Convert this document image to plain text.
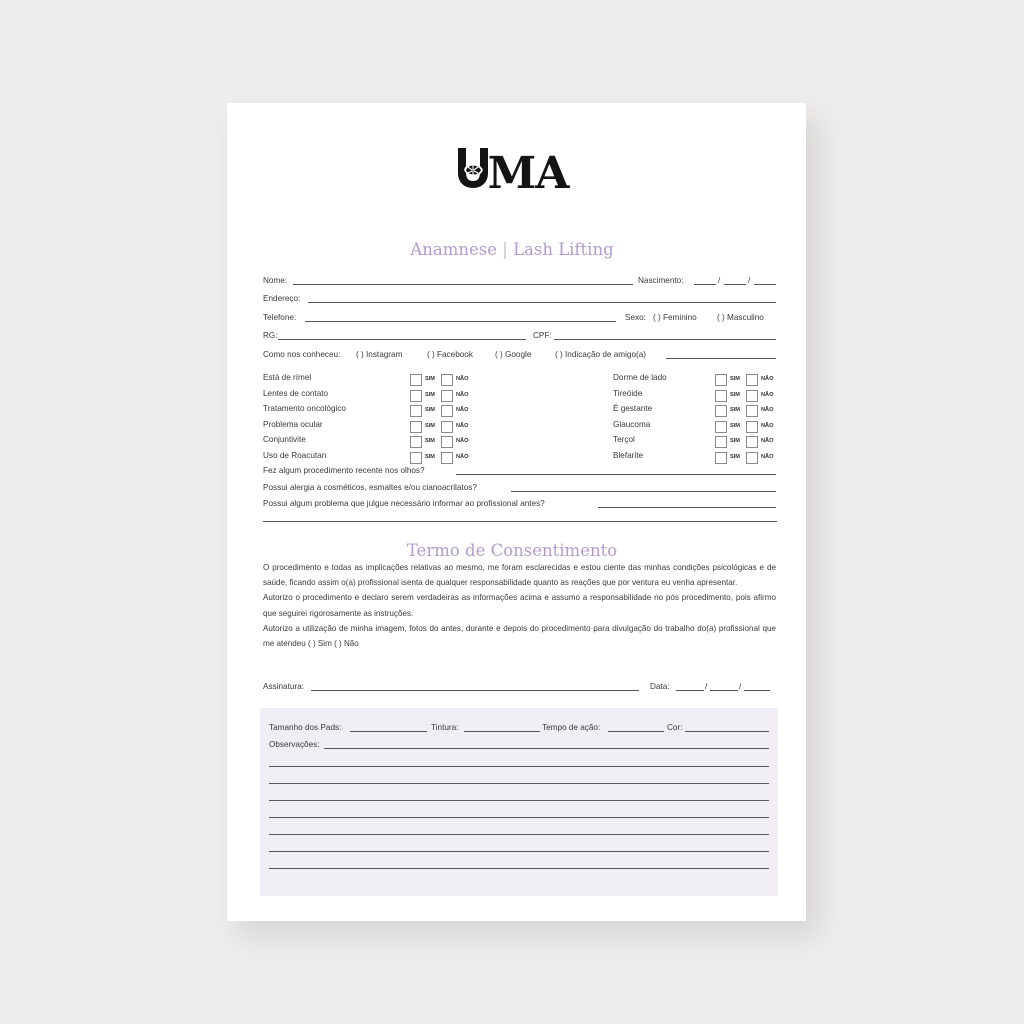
MA
Anamnese | Lash Lifting
Nome:	Nascimento:	/	/
Endereço:
Telefone:	Sexo: ( ) Feminino ( ) Masculino
RG:	CPF:
Como nos conheceu: ( ) Instagram	( ) Facebook	( ) Google	( ) Indicação de amigo(a)
Está de rímel	SIM	NÃO
Lentes de contato	SIM	NÃO
Tratamento oncológico	SIM	NÃO
Problema ocular	SIM	NÃO
Conjuntivite	SIM	NÃO
Uso de Roacutan	SIM	NÃO
Dorme de lado	SIM	NÃO
Tireóide	SIM	NÃO
É gestante	SIM	NÃO
Glaucoma	SIM	NÃO
Terçol	SIM	NÃO
Blefarite	SIM	NÃO
Fez algum procedimento recente nos olhos?
Possui alergia a cosméticos, esmaltes e/ou cianoacrilatos?
Possui algum problema que julgue necessário informar ao profissional antes?
Termo de Consentimento

O procedimento e todas as implicações relativas ao mesmo, me foram esclarecidas e estou ciente das minhas condições psicológicas e de saúde, ficando assim o(a) profissional isenta de qualquer responsabilidade quanto as reações que por ventura eu venha apresentar.

Autorizo o procedimento e declaro serem verdadeiras as informações acima e assumo a responsabilidade no pós procedimento, pois afirmo que seguirei rigorosamente as instruções.

Autorizo a utilização de minha imagem, fotos do antes, durante e depois do procedimento para divulgação do trabalho do(a) profissional que me atendeu ( ) Sim ( ) Não

Assinatura:	Data:	/	/
Tamanho dos Pads:	Tintura:	Tempo de ação:	Cor:
Observações:
